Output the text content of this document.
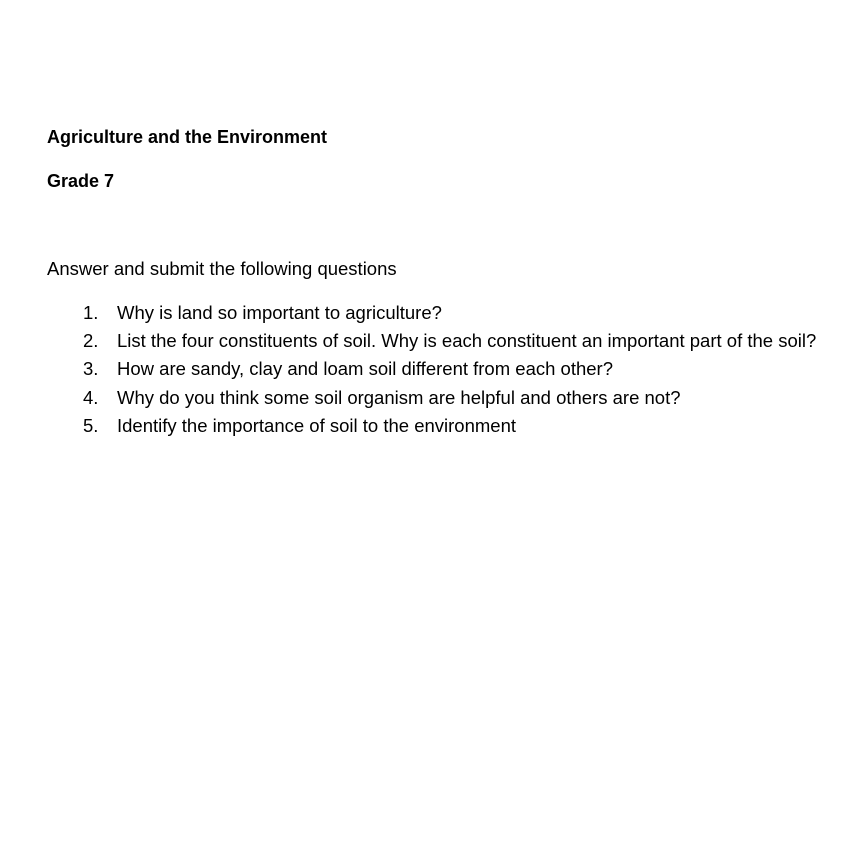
Agriculture and the Environment
Grade 7

Answer and submit the following questions

1. Why is land so important to agriculture?
2. List the four constituents of soil. Why is each constituent an important part of the soil?
3. How are sandy, clay and loam soil different from each other?
4. Why do you think some soil organism are helpful and others are not?
5. Identify the importance of soil to the environment
